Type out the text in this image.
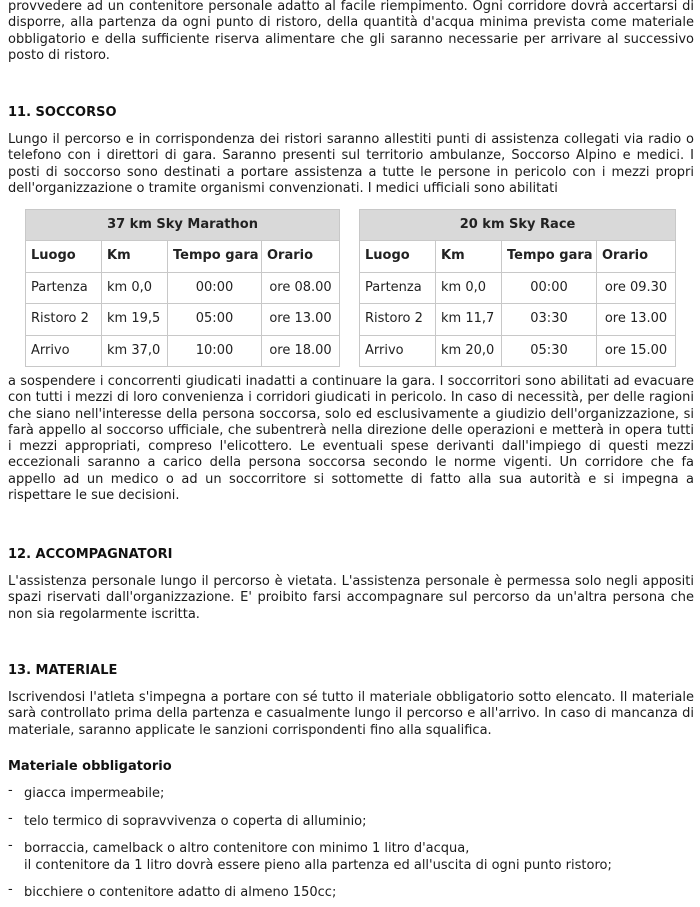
provvedere ad un contenitore personale adatto al facile riempimento. Ogni corridore dovrà accertarsi di disporre, alla partenza da ogni punto di ristoro, della quantità d'acqua minima prevista come materiale obbligatorio e della sufficiente riserva alimentare che gli saranno necessarie per arrivare al successivo posto di ristoro.
11. SOCCORSO
Lungo il percorso e in corrispondenza dei ristori saranno allestiti punti di assistenza collegati via radio o telefono con i direttori di gara. Saranno presenti sul territorio ambulanze, Soccorso Alpino e medici. I posti di soccorso sono destinati a portare assistenza a tutte le persone in pericolo con i mezzi propri dell'organizzazione o tramite organismi convenzionati. I medici ufficiali sono abilitati
37 km Sky Marathon			
Luogo	Km	Tempo gara	Orario
Partenza	km 0,0	00:00	ore 08.00
Ristoro 2	km 19,5	05:00	ore 13.00
Arrivo	km 37,0	10:00	ore 18.00
20 km Sky Race			
Luogo	Km	Tempo gara	Orario
Partenza	km 0,0	00:00	ore 09.30
Ristoro 2	km 11,7	03:30	ore 13.00
Arrivo	km 20,0	05:30	ore 15.00
a sospendere i concorrenti giudicati inadatti a continuare la gara. I soccorritori sono abilitati ad evacuare con tutti i mezzi di loro convenienza i corridori giudicati in pericolo. In caso di necessità, per delle ragioni che siano nell'interesse della persona soccorsa, solo ed esclusivamente a giudizio dell'organizzazione, si farà appello al soccorso ufficiale, che subentrerà nella direzione delle operazioni e metterà in opera tutti i mezzi appropriati, compreso l'elicottero. Le eventuali spese derivanti dall'impiego di questi mezzi eccezionali saranno a carico della persona soccorsa secondo le norme vigenti. Un corridore che fa appello ad un medico o ad un soccorritore si sottomette di fatto alla sua autorità e si impegna a rispettare le sue decisioni.
12. ACCOMPAGNATORI
L'assistenza personale lungo il percorso è vietata. L'assistenza personale è permessa solo negli appositi spazi riservati dall'organizzazione. E' proibito farsi accompagnare sul percorso da un'altra persona che non sia regolarmente iscritta.
13. MATERIALE
Iscrivendosi l'atleta s'impegna a portare con sé tutto il materiale obbligatorio sotto elencato. Il materiale sarà controllato prima della partenza e casualmente lungo il percorso e all'arrivo. In caso di mancanza di materiale, saranno applicate le sanzioni corrispondenti fino alla squalifica.
Materiale obbligatorio
- giacca impermeabile;
- telo termico di sopravvivenza o coperta di alluminio;
- borraccia, camelback o altro contenitore con minimo 1 litro d'acqua,
il contenitore da 1 litro dovrà essere pieno alla partenza ed all'uscita di ogni punto ristoro;
- bicchiere o contenitore adatto di almeno 150cc;
